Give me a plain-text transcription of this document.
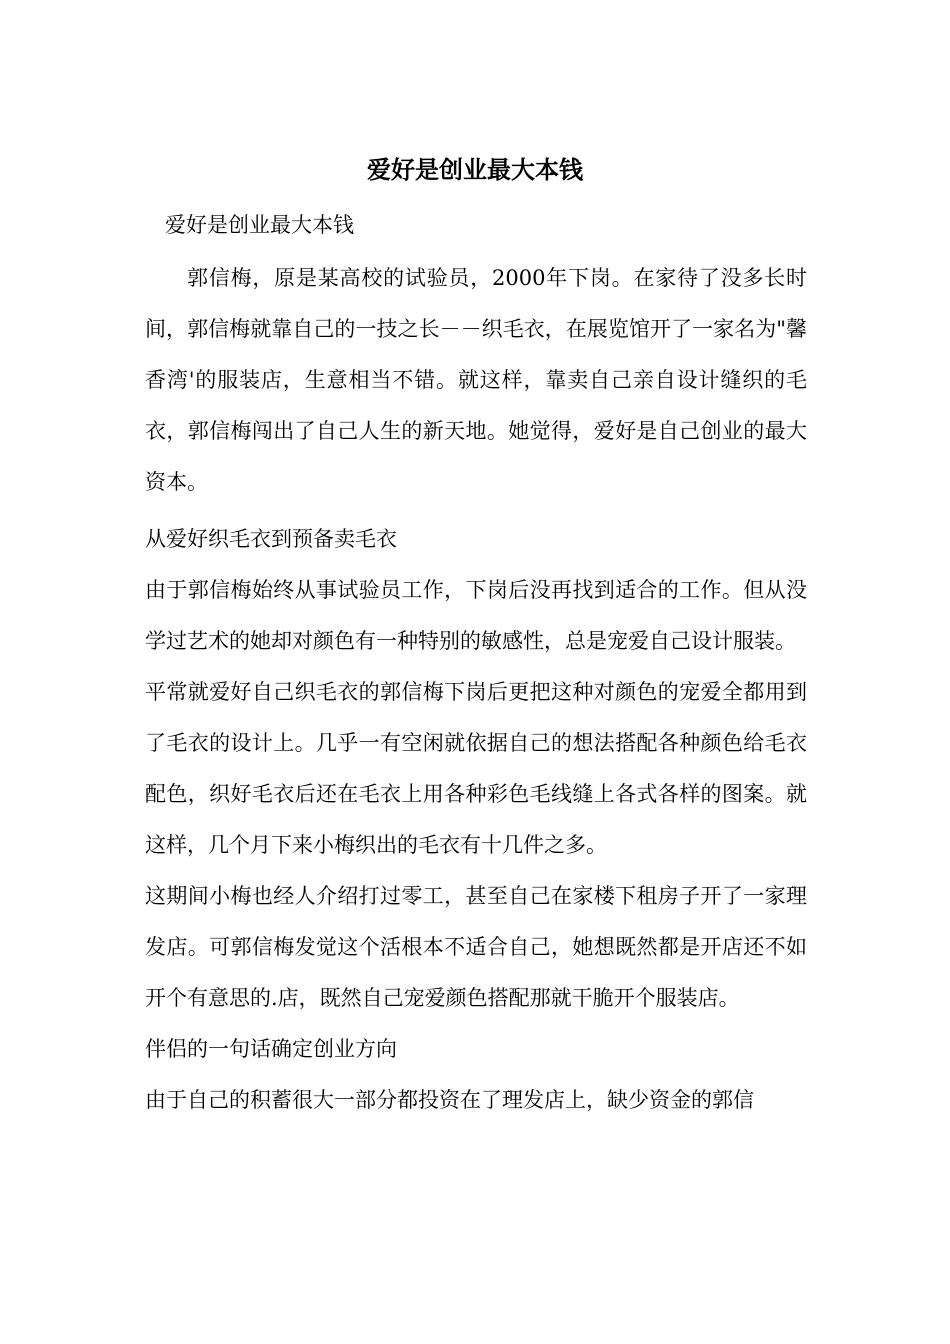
爱好是创业最大本钱

爱好是创业最大本钱

郭信梅，原是某高校的试验员，2000年下岗。在家待了没多长时间，郭信梅就靠自己的一技之长－－织毛衣，在展览馆开了一家名为"馨香湾'的服装店，生意相当不错。就这样，靠卖自己亲自设计缝织的毛衣，郭信梅闯出了自己人生的新天地。她觉得，爱好是自己创业的最大资本。

从爱好织毛衣到预备卖毛衣

由于郭信梅始终从事试验员工作，下岗后没再找到适合的工作。但从没学过艺术的她却对颜色有一种特别的敏感性，总是宠爱自己设计服装。

平常就爱好自己织毛衣的郭信梅下岗后更把这种对颜色的宠爱全都用到了毛衣的设计上。几乎一有空闲就依据自己的想法搭配各种颜色给毛衣配色，织好毛衣后还在毛衣上用各种彩色毛线缝上各式各样的图案。就这样，几个月下来小梅织出的毛衣有十几件之多。

这期间小梅也经人介绍打过零工，甚至自己在家楼下租房子开了一家理发店。可郭信梅发觉这个活根本不适合自己，她想既然都是开店还不如开个有意思的.店，既然自己宠爱颜色搭配那就干脆开个服装店。

伴侣的一句话确定创业方向

由于自己的积蓄很大一部分都投资在了理发店上，缺少资金的郭信
